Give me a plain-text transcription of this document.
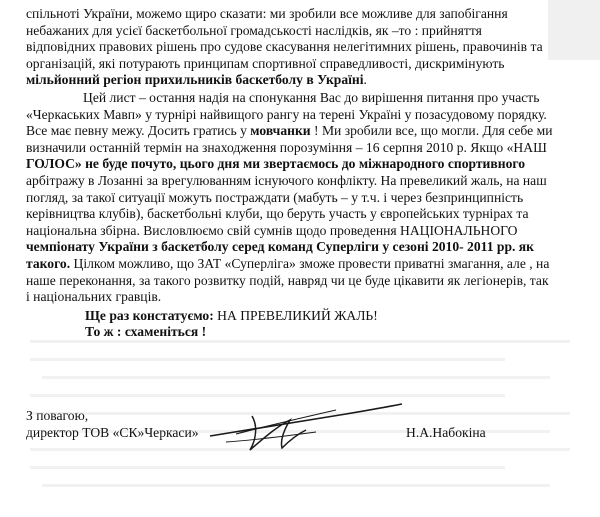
спільноті України, можемо щиро сказати: ми зробили все можливе для запобігання
небажаних для усієї баскетбольної громадськості наслідків, як –то : прийняття
відповідних правових рішень про судове скасування нелегітимних рішень, правочинів та
організацій, які потурають принципам спортивної справедливості, дискримінують
мільйонний регіон прихильників баскетболу в Україні.
Цей лист – остання надія на спонукання Вас до вирішення питання про участь
«Черкаських Мавп» у турнірі найвищого рангу на терені Україні у позасудовому порядку.
Все має певну межу. Досить гратись у мовчанки ! Ми зробили все, що могли. Для себе ми
визначили останній термін на знаходження порозуміння – 16 серпня 2010 р. Якщо «НАШ
ГОЛОС» не буде почуто, цього дня ми звертаємось до міжнародного спортивного
арбітражу в Лозанні за врегулюванням існуючого конфлікту. На превеликий жаль, на наш
погляд, за такої ситуації можуть постраждати (мабуть – у т.ч. і через безпринципність
керівництва клубів), баскетбольні клуби, що беруть участь у європейських турнірах та
національна збірна. Висловлюємо свій сумнів щодо проведення НАЦІОНАЛЬНОГО
чемпіонату України з баскетболу серед команд Суперліги у сезоні 2010- 2011 рр. як
такого. Цілком можливо, що ЗАТ «Суперліга» зможе провести приватні змагання, але , на
наше переконання, за такого розвитку подій, навряд чи це буде цікавити як легіонерів, так
і національних гравців.
Ще раз констатуємо: НА ПРЕВЕЛИКИЙ ЖАЛЬ!
То ж : схаменіться !
З повагою,
директор ТОВ «СК»Черкаси»	Н.А.Набокіна
